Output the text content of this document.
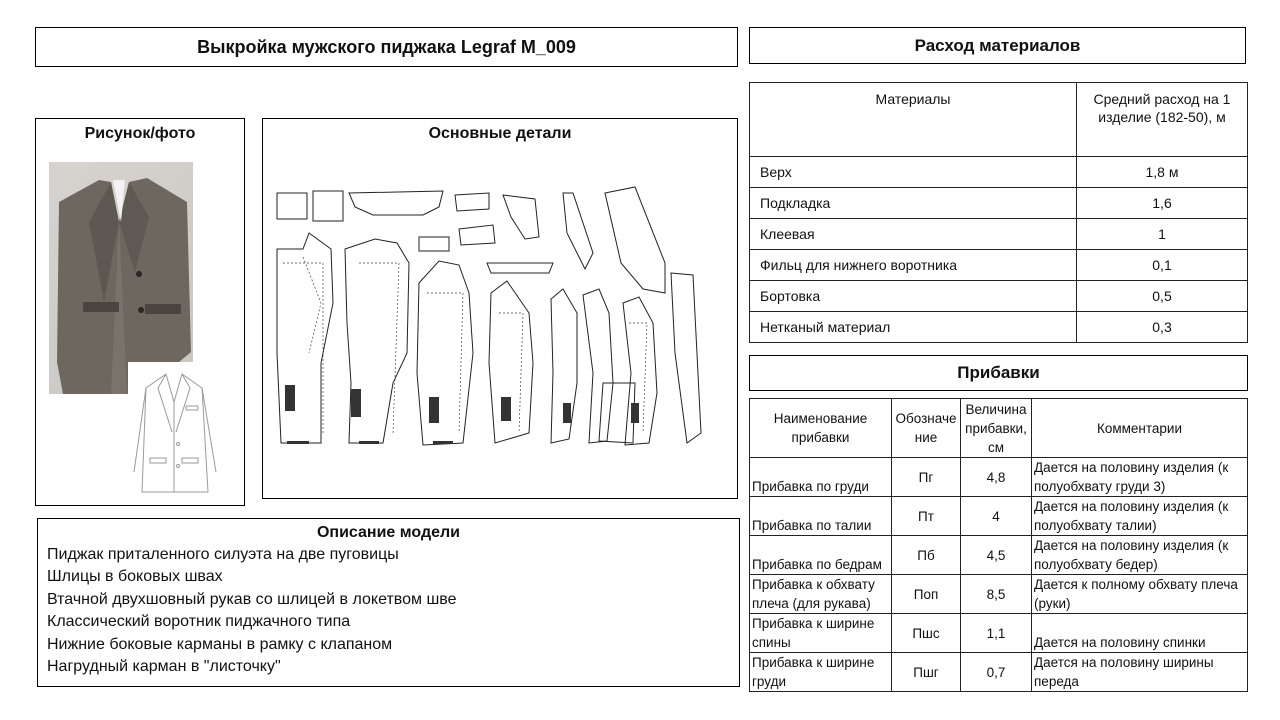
Выкройка мужского пиджака Legraf M_009	Расход материалов
Рисунок/фото	Основные детали
Материалы	Средний расход на 1 изделие (182-50), м
Верх	1,8 м
Подкладка	1,6
Клеевая	1
Фильц для нижнего воротника	0,1
Бортовка	0,5
Нетканый материал	0,3
Прибавки
Наименование прибавки	Обозначение	Величина прибавки, см	Комментарии
Прибавка по груди	Пг	4,8	Дается на половину изделия (к полуобхвату груди 3)
Прибавка по талии	Пт	4	Дается на половину изделия (к полуобхвату талии)
Прибавка по бедрам	Пб	4,5	Дается на половину изделия (к полуобхвату бедер)
Прибавка к обхвату плеча (для рукава)	Поп	8,5	Дается к полному обхвату плеча (руки)
Прибавка к ширине спины	Пшс	1,1	Дается на половину спинки
Прибавка к ширине груди	Пшг	0,7	Дается на половину ширины переда
Описание модели
Пиджак приталенного силуэта на две пуговицы
Шлицы в боковых швах
Втачной двухшовный рукав со шлицей в локетвом шве
Классический воротник пиджачного типа
Нижние боковые карманы в рамку с клапаном
Нагрудный карман в "листочку"
